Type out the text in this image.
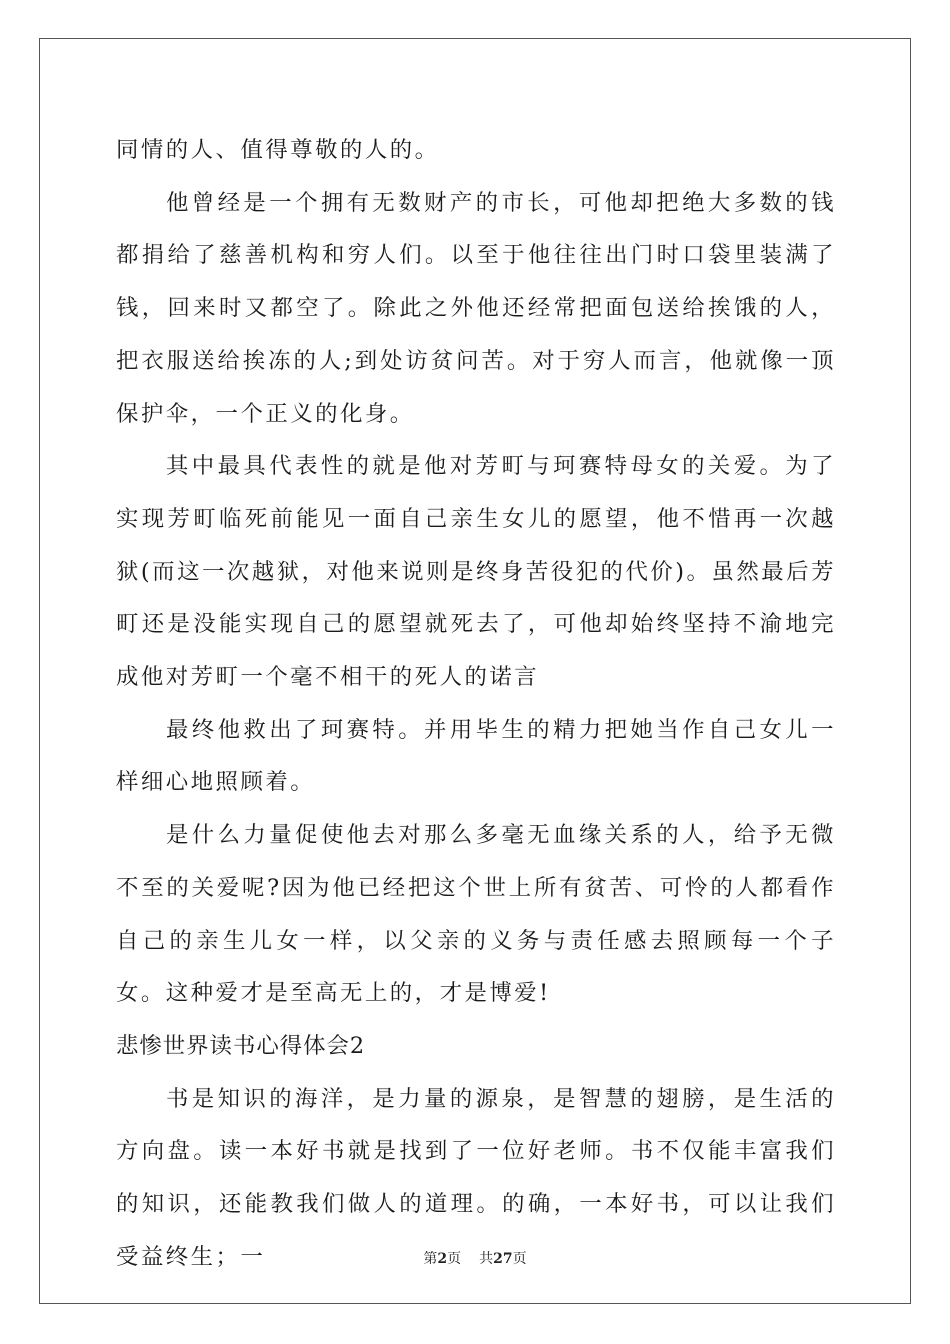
同情的人、值得尊敬的人的。

他曾经是一个拥有无数财产的市长，可他却把绝大多数的钱都捐给了慈善机构和穷人们。以至于他往往出门时口袋里装满了钱，回来时又都空了。除此之外他还经常把面包送给挨饿的人，把衣服送给挨冻的人;到处访贫问苦。对于穷人而言，他就像一顶保护伞，一个正义的化身。

其中最具代表性的就是他对芳町与珂赛特母女的关爱。为了实现芳町临死前能见一面自己亲生女儿的愿望，他不惜再一次越狱(而这一次越狱，对他来说则是终身苦役犯的代价)。虽然最后芳町还是没能实现自己的愿望就死去了，可他却始终坚持不渝地完成他对芳町一个毫不相干的死人的诺言

最终他救出了珂赛特。并用毕生的精力把她当作自己女儿一样细心地照顾着。

是什么力量促使他去对那么多毫无血缘关系的人，给予无微不至的关爱呢?因为他已经把这个世上所有贫苦、可怜的人都看作自己的亲生儿女一样，以父亲的义务与责任感去照顾每一个子女。这种爱才是至高无上的，才是博爱!

悲惨世界读书心得体会2

书是知识的海洋，是力量的源泉，是智慧的翅膀，是生活的方向盘。读一本好书就是找到了一位好老师。书不仅能丰富我们的知识，还能教我们做人的道理。的确，一本好书，可以让我们受益终生；一	第2页 共27页
